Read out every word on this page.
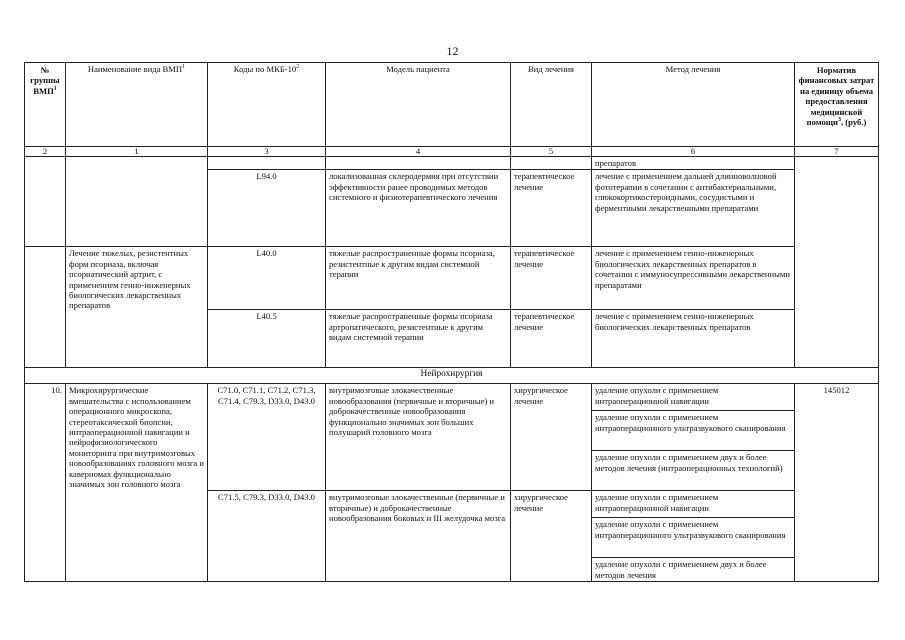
12
№ группы ВМП$^1$	Наименование вида ВМП$^1$	Коды по МКБ-$10^2$	Модель пациента	Вид лечения	Метод лечения	Норматив финансовых затрат на единицу объема предоставления медицинской помощи$^3$, (руб.)
2	1	3	4	5	6	7
					препаратов	
		L94.0	локализованная склеродермия при отсутствии эффективности ранее проводимых методов системного и физиотерапевтического лечения	терапевтическое лечение	лечение с применением дальней длинноволновой фототерапии в сочетании с антибактериальными, глюкокортикостероидными, сосудистыми и ферментными лекарственными препаратами	
	Лечение тяжелых, резистентных форм псориаза, включая псориатический артрит, с применением генно-инженерных биологических лекарственных препаратов	L40.0	тяжелые распространенные формы псориаза, резистентные к другим видам системной терапии	терапевтическое лечение	лечение с применением генно-инженерных биологических лекарственных препаратов в сочетании с иммуносупрессивными лекарственными препаратами	
		L40.5	тяжелые распространенные формы псориаза артропатического, резистентные к другим видам системной терапии	терапевтическое лечение	лечение с применением генно-инженерных биологических лекарственных препаратов	
Нейрохирургия						
10.	Микрохирургические вмешательства с использованием операционного микроскопа, стереотаксической биопсии, интраоперационной навигации и нейрофизиологического мониторинга при внутримозговых новообразованиях головного мозга и каверномах функционально значимых зон головного мозга	C71.0, C71.1, C71.2, C71.3, C71.4, C79.3, D33.0, D43.0	внутримозговые злокачественные новообразования (первичные и вторичные) и доброкачественные новообразования функционально значимых зон больших полушарий головного мозга	хирургическое лечение	удаление опухоли с применением интраоперационной навигации	145012
					удаление опухоли с применением интраоперационного ультразвукового сканирования	
					удаление опухоли с применением двух и более методов лечения (интраоперационных технологий)	
		C71.5, C79.3, D33.0, D43.0	внутримозговые злокачественные (первичные и вторичные) и доброкачественные новообразования боковых и III желудочка мозга	хирургическое лечение	удаление опухоли с применением интраоперационной навигации	
					удаление опухоли с применением интраоперационного ультразвукового сканирования	
					удаление опухоли с применением двух и более методов лечения	
